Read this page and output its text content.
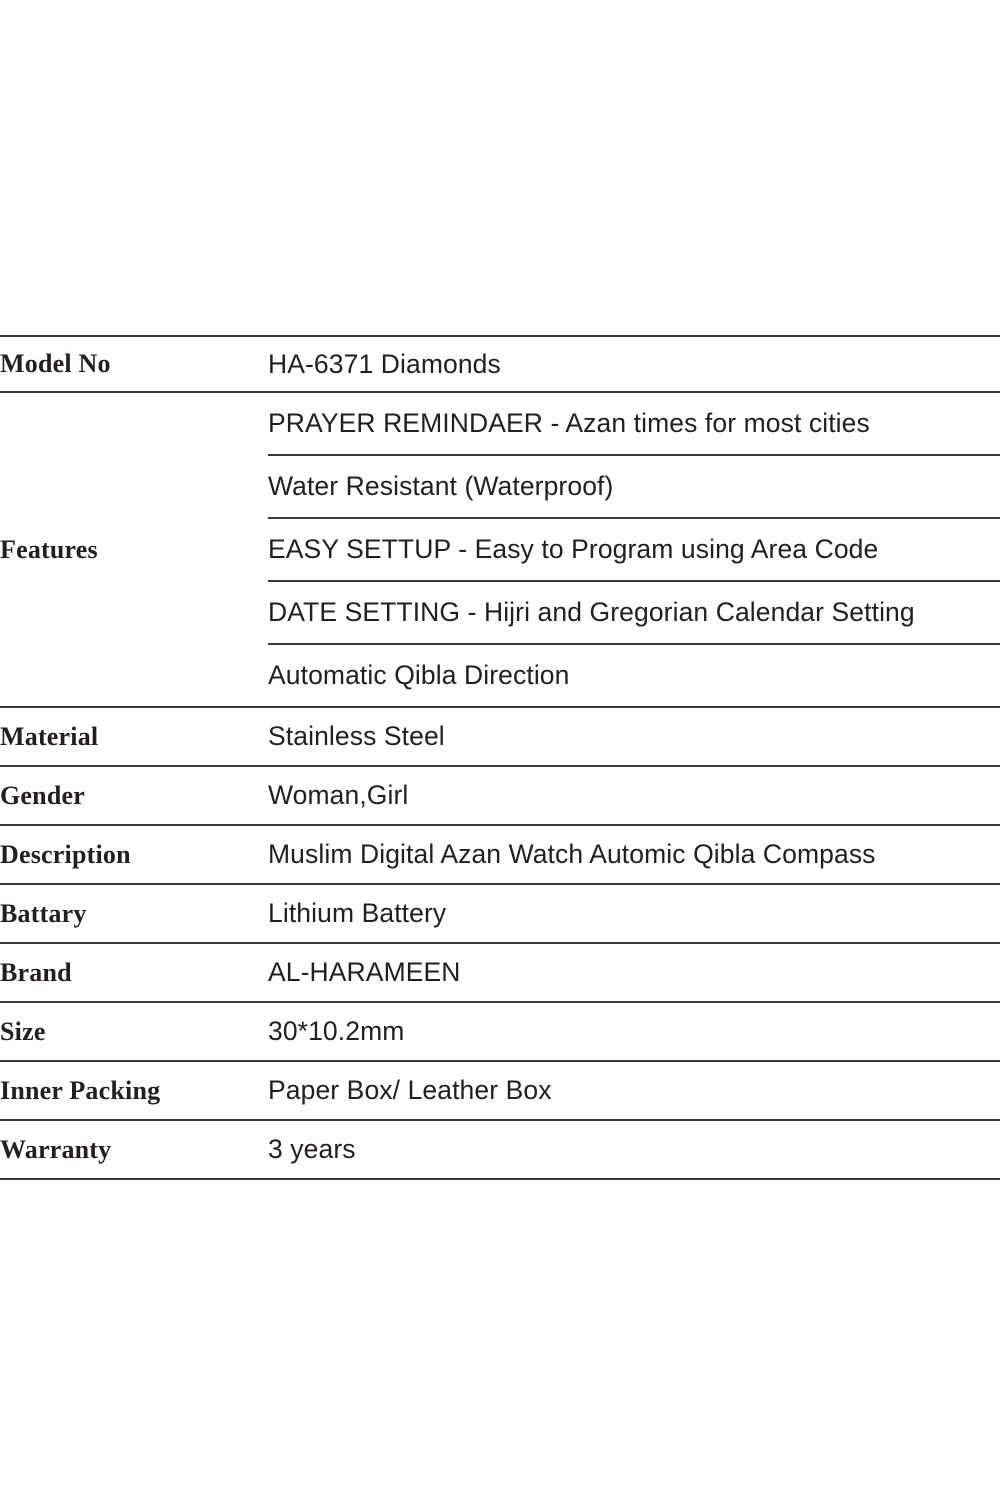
Model No	HA-6371 Diamonds

Features	PRAYER REMINDAER - Azan times for most cities

	Water Resistant (Waterproof)

	EASY SETTUP - Easy to Program using Area Code

	DATE SETTING - Hijri and Gregorian Calendar Setting

	Automatic Qibla Direction

Material	Stainless Steel

Gender	Woman,Girl

Description	Muslim Digital Azan Watch Automic Qibla Compass

Battary	Lithium Battery

Brand	AL-HARAMEEN

Size	30*10.2mm

Inner Packing	Paper Box/ Leather Box

Warranty	3 years
